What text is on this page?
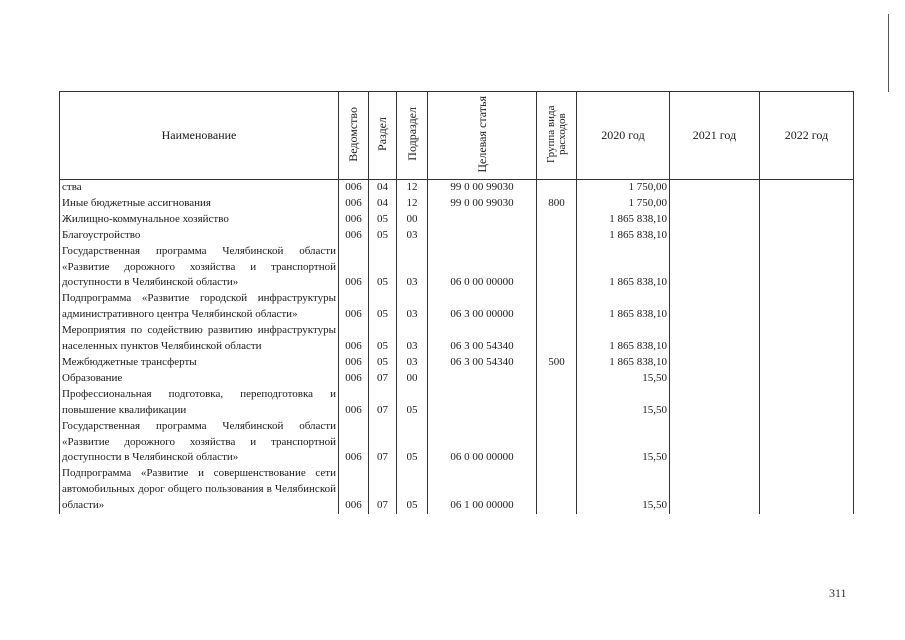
Наименование	Ведомство	Раздел	Подраздел	Целевая статья	Группа вида расходов	2020 год	2021 год	2022 год
ства	006	04	12	99 0 00 99030		1 750,00		
Иные бюджетные ассигнования	006	04	12	99 0 00 99030	800	1 750,00		
Жилищно-коммунальное хозяйство	006	05	00			1 865 838,10		
Благоустройство	006	05	03			1 865 838,10		
Государственная программа Челябинской области «Развитие дорожного хозяйства и транспортной доступности в Челябинской области»	006	05	03	06 0 00 00000		1 865 838,10		
Подпрограмма «Развитие городской инфраструктуры административного центра Челябинской области»	006	05	03	06 3 00 00000		1 865 838,10		
Мероприятия по содействию развитию инфраструктуры населенных пунктов Челябинской области	006	05	03	06 3 00 54340		1 865 838,10		
Межбюджетные трансферты	006	05	03	06 3 00 54340	500	1 865 838,10		
Образование	006	07	00			15,50		
Профессиональная подготовка, переподготовка и повышение квалификации	006	07	05			15,50		
Государственная программа Челябинской области «Развитие дорожного хозяйства и транспортной доступности в Челябинской области»	006	07	05	06 0 00 00000		15,50		
Подпрограмма «Развитие и совершенствование сети автомобильных дорог общего пользования в Челябинской области»	006	07	05	06 1 00 00000		15,50		
311
